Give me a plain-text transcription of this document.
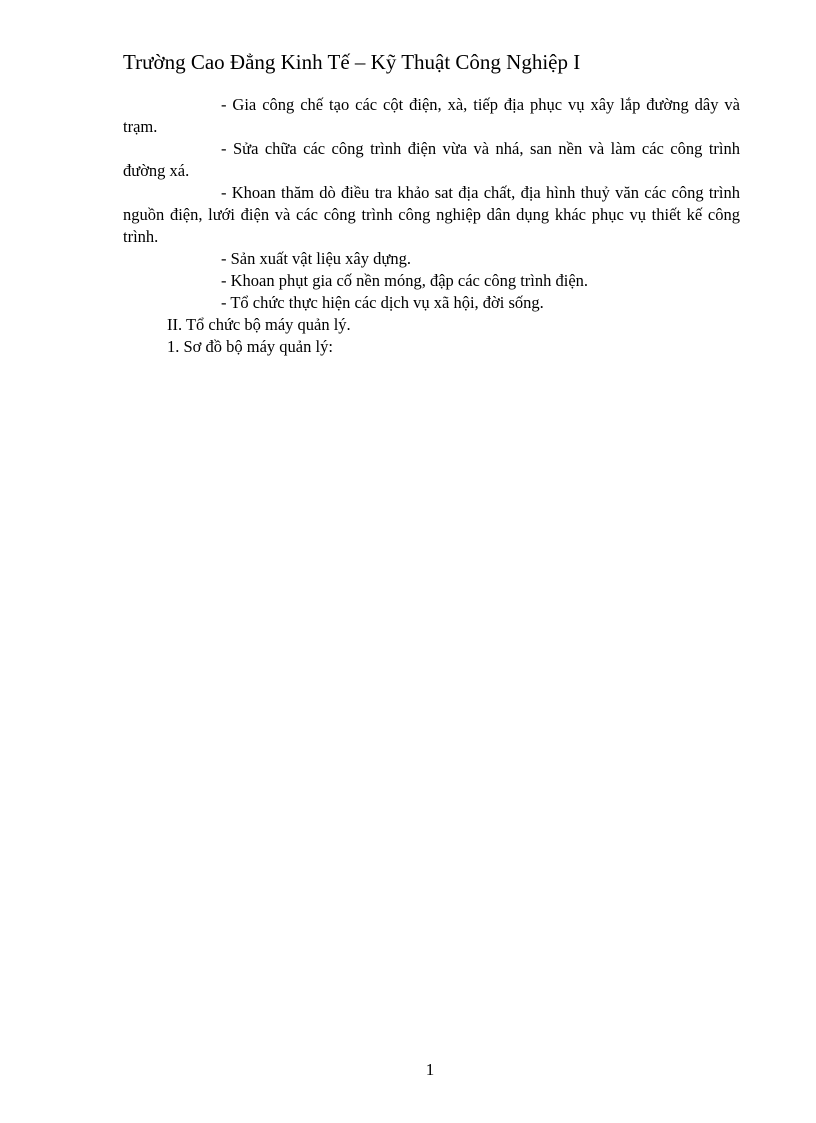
Trường Cao Đẳng Kinh Tế – Kỹ Thuật Công Nghiệp I

- Gia công chế tạo các cột điện, xà, tiếp địa phục vụ xây lắp đường dây và trạm.

- Sửa chữa các công trình điện vừa và nhá, san nền và làm các công trình đường xá.

- Khoan thăm dò điều tra khảo sat địa chất, địa hình thuỷ văn các công trình nguồn điện, lưới điện và các công trình công nghiệp dân dụng khác phục vụ thiết kế công trình.

- Sản xuất vật liệu xây dựng.

- Khoan phụt gia cố nền móng, đập các công trình điện.

- Tổ chức thực hiện các dịch vụ xã hội, đời sống.

II. Tổ chức bộ máy quản lý.

1. Sơ đồ bộ máy quản lý:

1
